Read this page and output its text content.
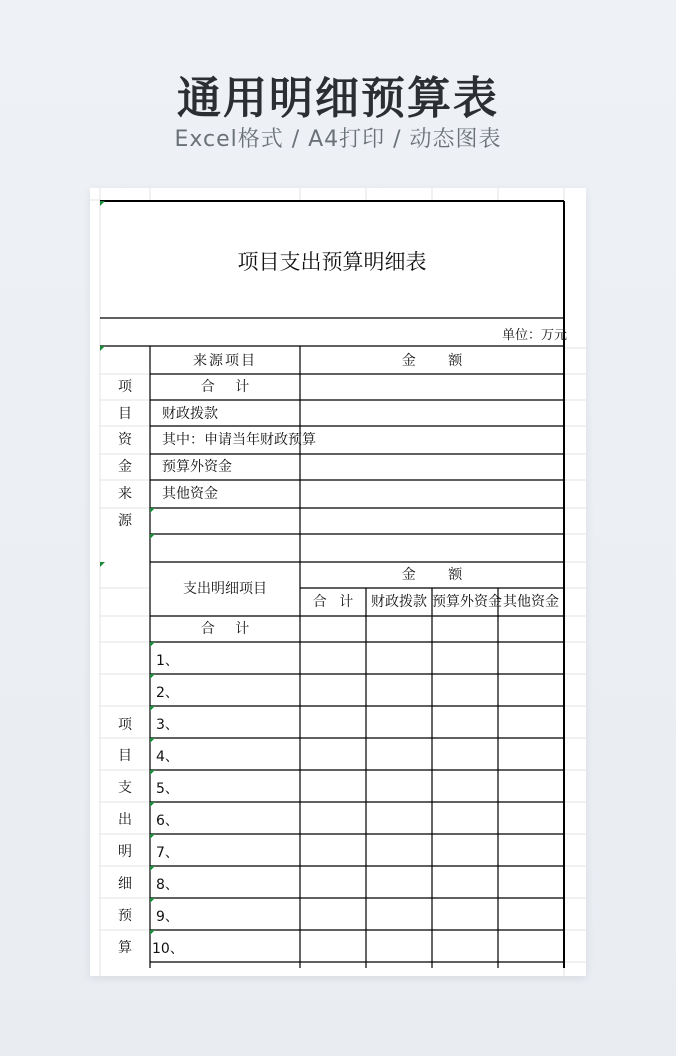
通用明细预算表
Excel格式 / A4打印 / 动态图表
项目支出预算明细表
单位：万元
来源项目	金 额
合 计
项
目
资
金
来
源
财政拨款
其中：申请当年财政预算
预算外资金
其他资金
支出明细项目
金 额
合 计	财政拨款 预算外资金 其他资金
合 计
项
目
支
出
明
细
预
算
1、
2、
3、
4、
5、
6、
7、
8、
9、
10、
